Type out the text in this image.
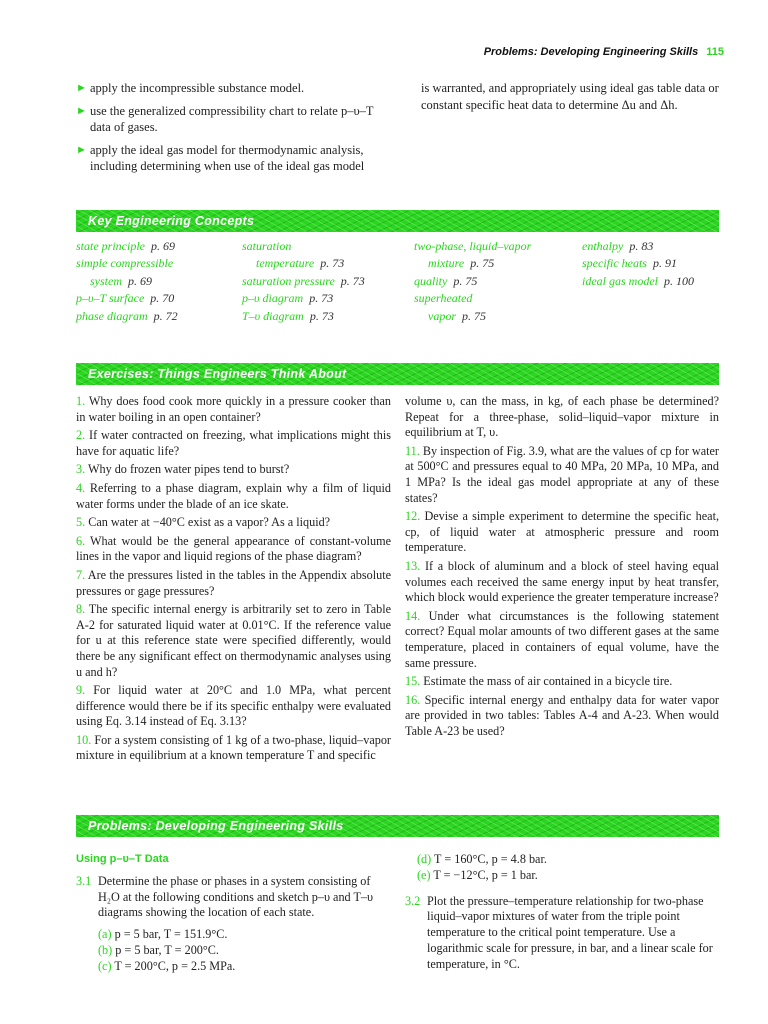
Problems: Developing Engineering Skills 115
► apply the incompressible substance model.
► use the generalized compressibility chart to relate p–υ–T data of gases.
► apply the ideal gas model for thermodynamic analysis, including determining when use of the ideal gas model
is warranted, and appropriately using ideal gas table data or constant specific heat data to determine Δu and Δh.
Key Engineering Concepts
state principle p. 69
simple compressible
system p. 69
p–υ–T surface p. 70
phase diagram p. 72
saturation
temperature p. 73
saturation pressure p. 73
p–υ diagram p. 73
T–υ diagram p. 73
two-phase, liquid–vapor
mixture p. 75
quality p. 75
superheated
vapor p. 75
enthalpy p. 83
specific heats p. 91
ideal gas model p. 100
Exercises: Things Engineers Think About
1. Why does food cook more quickly in a pressure cooker than in water boiling in an open container?
2. If water contracted on freezing, what implications might this have for aquatic life?
3. Why do frozen water pipes tend to burst?
4. Referring to a phase diagram, explain why a film of liquid water forms under the blade of an ice skate.
5. Can water at −40°C exist as a vapor? As a liquid?
6. What would be the general appearance of constant-volume lines in the vapor and liquid regions of the phase diagram?
7. Are the pressures listed in the tables in the Appendix absolute pressures or gage pressures?
8. The specific internal energy is arbitrarily set to zero in Table A-2 for saturated liquid water at 0.01°C. If the reference value for u at this reference state were specified differently, would there be any significant effect on thermodynamic analyses using u and h?
9. For liquid water at 20°C and 1.0 MPa, what percent difference would there be if its specific enthalpy were evaluated using Eq. 3.14 instead of Eq. 3.13?
10. For a system consisting of 1 kg of a two-phase, liquid–vapor mixture in equilibrium at a known temperature T and specific
volume υ, can the mass, in kg, of each phase be determined? Repeat for a three-phase, solid–liquid–vapor mixture in equilibrium at T, υ.
11. By inspection of Fig. 3.9, what are the values of cp for water at 500°C and pressures equal to 40 MPa, 20 MPa, 10 MPa, and 1 MPa? Is the ideal gas model appropriate at any of these states?
12. Devise a simple experiment to determine the specific heat, cp, of liquid water at atmospheric pressure and room temperature.
13. If a block of aluminum and a block of steel having equal volumes each received the same energy input by heat transfer, which block would experience the greater temperature increase?
14. Under what circumstances is the following statement correct? Equal molar amounts of two different gases at the same temperature, placed in containers of equal volume, have the same pressure.
15. Estimate the mass of air contained in a bicycle tire.
16. Specific internal energy and enthalpy data for water vapor are provided in two tables: Tables A-4 and A-23. When would Table A-23 be used?
Problems: Developing Engineering Skills
Using p–υ–T Data
3.1 Determine the phase or phases in a system consisting of H₂O at the following conditions and sketch p–υ and T–υ diagrams showing the location of each state.
(a) p = 5 bar, T = 151.9°C.
(b) p = 5 bar, T = 200°C.
(c) T = 200°C, p = 2.5 MPa.
(d) T = 160°C, p = 4.8 bar.
(e) T = −12°C, p = 1 bar.
3.2 Plot the pressure–temperature relationship for two-phase liquid–vapor mixtures of water from the triple point temperature to the critical point temperature. Use a logarithmic scale for pressure, in bar, and a linear scale for temperature, in °C.
